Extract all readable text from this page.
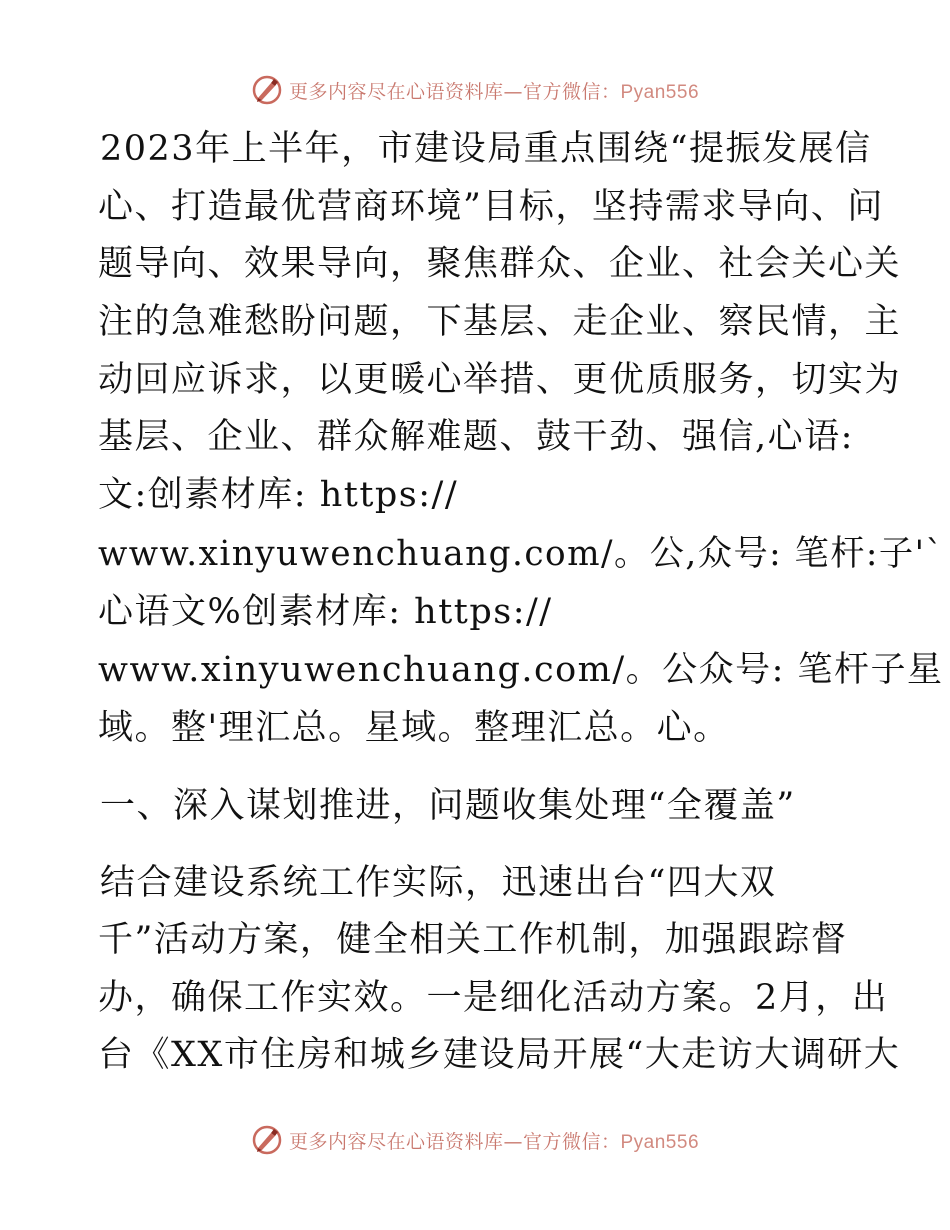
更多内容尽在心语资料库—官方微信：Pyan556
2023年上半年，市建设局重点围绕“提振发展信
心、打造最优营商环境”目标，坚持需求导向、问
题导向、效果导向，聚焦群众、企业、社会关心关
注的急难愁盼问题，下基层、走企业、察民情，主
动回应诉求，以更暖心举措、更优质服务，切实为
基层、企业、群众解难题、鼓干劲、强信,心语:
文:创素材库: https://
www.xinyuwenchuang.com/。公,众号: 笔杆:子'`
心语文%创素材库: https://
www.xinyuwenchuang.com/。公众号: 笔杆子星
域。整'理汇总。星域。整理汇总。心。
一、深入谋划推进，问题收集处理“全覆盖”
结合建设系统工作实际，迅速出台“四大双
千”活动方案，健全相关工作机制，加强跟踪督
办，确保工作实效。一是细化活动方案。2月，出
台《XX市住房和城乡建设局开展“大走访大调研大
更多内容尽在心语资料库—官方微信：Pyan556
